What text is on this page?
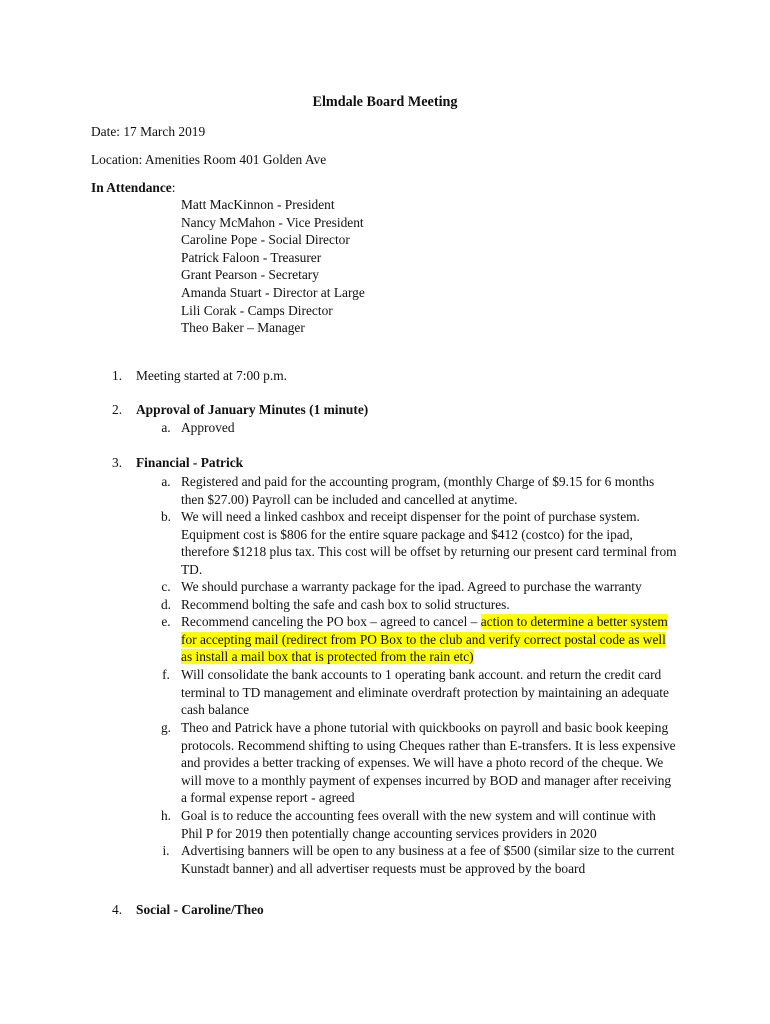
Elmdale Board Meeting
Date: 17 March 2019
Location: Amenities Room 401 Golden Ave
In Attendance:
Matt MacKinnon - President
Nancy McMahon - Vice President
Caroline Pope - Social Director
Patrick Faloon - Treasurer
Grant Pearson - Secretary
Amanda Stuart - Director at Large
Lili Corak - Camps Director
Theo Baker – Manager
1. Meeting started at 7:00 p.m.
2. Approval of January Minutes (1 minute)
a. Approved
3. Financial - Patrick
a. Registered and paid for the accounting program, (monthly Charge of $9.15 for 6 months then $27.00) Payroll can be included and cancelled at anytime.
b. We will need a linked cashbox and receipt dispenser for the point of purchase system. Equipment cost is $806 for the entire square package and $412 (costco) for the ipad, therefore $1218 plus tax. This cost will be offset by returning our present card terminal from TD.
c. We should purchase a warranty package for the ipad. Agreed to purchase the warranty
d. Recommend bolting the safe and cash box to solid structures.
e. Recommend canceling the PO box – agreed to cancel – action to determine a better system for accepting mail (redirect from PO Box to the club and verify correct postal code as well as install a mail box that is protected from the rain etc)
f. Will consolidate the bank accounts to 1 operating bank account. and return the credit card terminal to TD management and eliminate overdraft protection by maintaining an adequate cash balance
g. Theo and Patrick have a phone tutorial with quickbooks on payroll and basic book keeping protocols. Recommend shifting to using Cheques rather than E-transfers. It is less expensive and provides a better tracking of expenses. We will have a photo record of the cheque. We will move to a monthly payment of expenses incurred by BOD and manager after receiving a formal expense report - agreed
h. Goal is to reduce the accounting fees overall with the new system and will continue with Phil P for 2019 then potentially change accounting services providers in 2020
i. Advertising banners will be open to any business at a fee of $500 (similar size to the current Kunstadt banner) and all advertiser requests must be approved by the board
4. Social - Caroline/Theo
